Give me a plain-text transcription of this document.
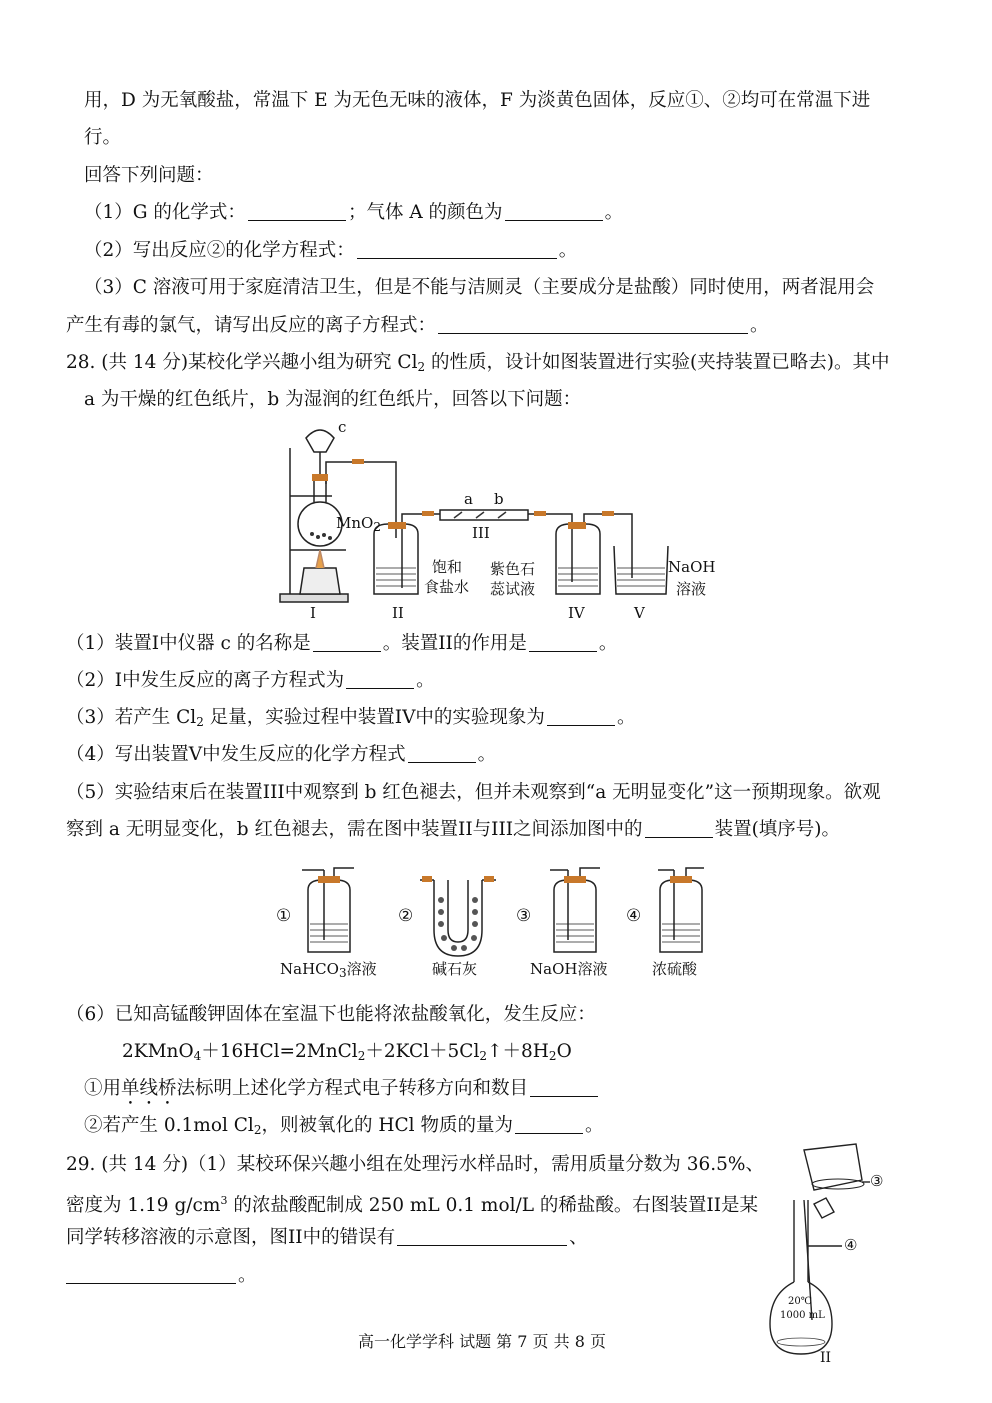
用，D 为无氧酸盐，常温下 E 为无色无味的液体，F 为淡黄色固体，反应①、②均可在常温下进
行。
回答下列问题：
（1）G 的化学式：	；气体 A 的颜色为	。
（2）写出反应②的化学方程式：	。
（3）C 溶液可用于家庭清洁卫生，但是不能与洁厕灵（主要成分是盐酸）同时使用，两者混用会
产生有毒的氯气，请写出反应的离子方程式：	。
28. (共 14 分)某校化学兴趣小组为研究 $Cl_2$ 的性质，设计如图装置进行实验(夹持装置已略去)。其中
a 为干燥的红色纸片，b 为湿润的红色纸片，回答以下问题：
c
MnO$_2$
a b
III
饱和
食盐水
紫色石
蕊试液
NaOH
溶液
I	II	IV	V
（1）装置I中仪器 c 的名称是	。装置II的作用是	。
（2）I中发生反应的离子方程式为	。
（3）若产生 $Cl_2$ 足量，实验过程中装置IV中的实验现象为	。
（4）写出装置V中发生反应的化学方程式	。
（5）实验结束后在装置III中观察到 b 红色褪去，但并未观察到“a 无明显变化”这一预期现象。欲观
察到 a 无明显变化，b 红色褪去，需在图中装置II与III之间添加图中的	装置(填序号)。
①	②	③	④
NaHCO$_3$溶液	碱石灰	NaOH溶液	浓硫酸
（6）已知高锰酸钾固体在室温下也能将浓盐酸氧化，发生反应：
$2KMnO_4+16HCl=2MnCl_2+2KCl+5Cl_2↑+8H_2O$
①用单线桥法标明上述化学方程式电子转移方向和数目
②若产生 0.1mol $Cl_2$，则被氧化的 HCl 物质的量为	。
29. (共 14 分)（1）某校环保兴趣小组在处理污水样品时，需用质量分数为 36.5%、
密度为 1.19 $g/cm^3$ 的浓盐酸配制成 250 mL 0.1 mol/L 的稀盐酸。右图装置II是某
同学转移溶液的示意图，图II中的错误有	、
。
③
④
20℃
1000 mL
II
高一化学学科 试题 第 7 页 共 8 页
